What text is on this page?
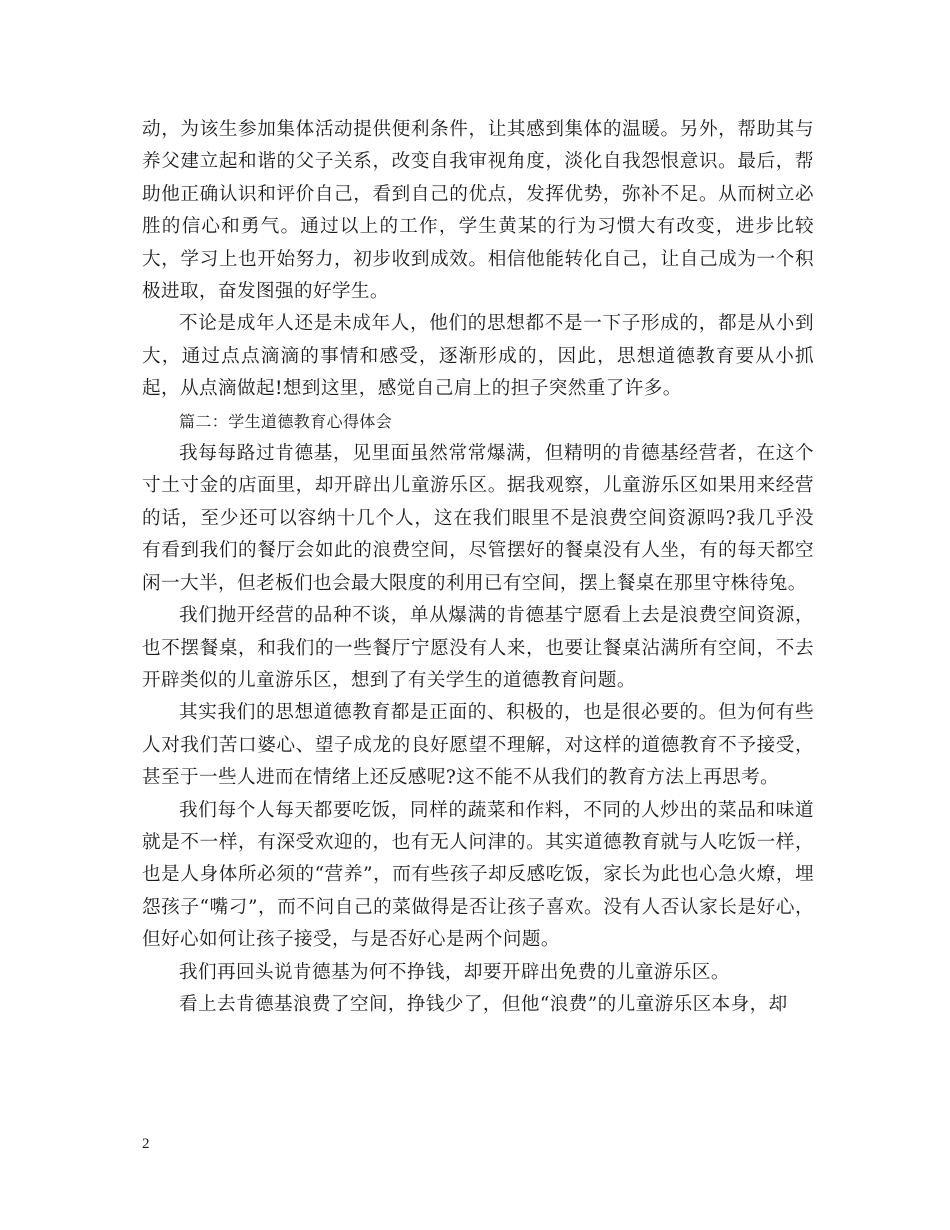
动，为该生参加集体活动提供便利条件，让其感到集体的温暖。另外，帮助其与养父建立起和谐的父子关系，改变自我审视角度，淡化自我怨恨意识。最后，帮助他正确认识和评价自己，看到自己的优点，发挥优势，弥补不足。从而树立必胜的信心和勇气。通过以上的工作，学生黄某的行为习惯大有改变，进步比较大，学习上也开始努力，初步收到成效。相信他能转化自己，让自己成为一个积极进取，奋发图强的好学生。

不论是成年人还是未成年人，他们的思想都不是一下子形成的，都是从小到大，通过点点滴滴的事情和感受，逐渐形成的，因此，思想道德教育要从小抓起，从点滴做起!想到这里，感觉自己肩上的担子突然重了许多。

篇二：学生道德教育心得体会

我每每路过肯德基，见里面虽然常常爆满，但精明的肯德基经营者，在这个寸土寸金的店面里，却开辟出儿童游乐区。据我观察，儿童游乐区如果用来经营的话，至少还可以容纳十几个人，这在我们眼里不是浪费空间资源吗?我几乎没有看到我们的餐厅会如此的浪费空间，尽管摆好的餐桌没有人坐，有的每天都空闲一大半，但老板们也会最大限度的利用已有空间，摆上餐桌在那里守株待兔。

我们抛开经营的品种不谈，单从爆满的肯德基宁愿看上去是浪费空间资源，也不摆餐桌，和我们的一些餐厅宁愿没有人来，也要让餐桌沾满所有空间，不去开辟类似的儿童游乐区，想到了有关学生的道德教育问题。

其实我们的思想道德教育都是正面的、积极的，也是很必要的。但为何有些人对我们苦口婆心、望子成龙的良好愿望不理解，对这样的道德教育不予接受，甚至于一些人进而在情绪上还反感呢?这不能不从我们的教育方法上再思考。

我们每个人每天都要吃饭，同样的蔬菜和作料，不同的人炒出的菜品和味道就是不一样，有深受欢迎的，也有无人问津的。其实道德教育就与人吃饭一样，也是人身体所必须的“营养”，而有些孩子却反感吃饭，家长为此也心急火燎，埋怨孩子“嘴刁”，而不问自己的菜做得是否让孩子喜欢。没有人否认家长是好心，但好心如何让孩子接受，与是否好心是两个问题。

我们再回头说肯德基为何不挣钱，却要开辟出免费的儿童游乐区。

看上去肯德基浪费了空间，挣钱少了，但他“浪费”的儿童游乐区本身，却

2
